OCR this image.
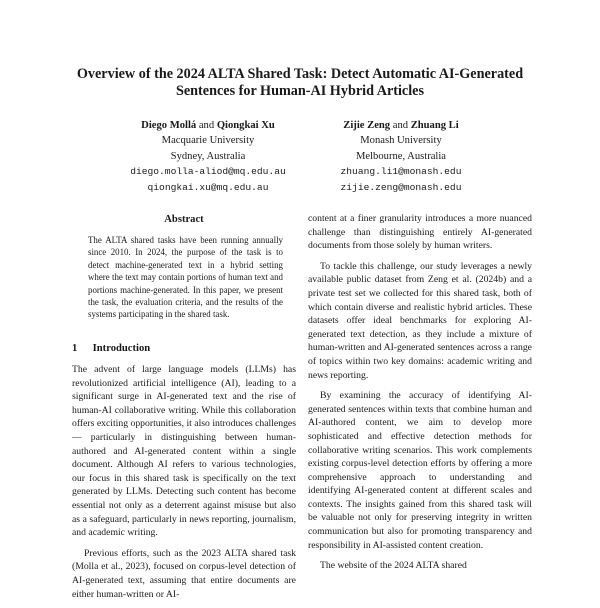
Overview of the 2024 ALTA Shared Task: Detect Automatic AI-Generated
Sentences for Human-AI Hybrid Articles
Diego Mollá and Qiongkai Xu
Macquarie University
Sydney, Australia
diego.molla-aliod@mq.edu.au
qiongkai.xu@mq.edu.au
Zijie Zeng and Zhuang Li
Monash University
Melbourne, Australia
zhuang.li1@monash.edu
zijie.zeng@monash.edu
Abstract
The ALTA shared tasks have been running annually since 2010. In 2024, the purpose of the task is to detect machine-generated text in a hybrid setting where the text may contain portions of human text and portions machine-generated. In this paper, we present the task, the evaluation criteria, and the results of the systems participating in the shared task.
1 Introduction

The advent of large language models (LLMs) has revolutionized artificial intelligence (AI), leading to a significant surge in AI-generated text and the rise of human-AI collaborative writing. While this collaboration offers exciting opportunities, it also introduces challenges — particularly in distinguishing between human-authored and AI-generated content within a single document. Although AI refers to various technologies, our focus in this shared task is specifically on the text generated by LLMs. Detecting such content has become essential not only as a deterrent against misuse but also as a safeguard, particularly in news reporting, journalism, and academic writing.

Previous efforts, such as the 2023 ALTA shared task (Molla et al., 2023), focused on corpus-level detection of AI-generated text, assuming that entire documents are either human-written or AI-

content at a finer granularity introduces a more nuanced challenge than distinguishing entirely AI-generated documents from those solely by human writers.

To tackle this challenge, our study leverages a newly available public dataset from Zeng et al. (2024b) and a private test set we collected for this shared task, both of which contain diverse and realistic hybrid articles. These datasets offer ideal benchmarks for exploring AI-generated text detection, as they include a mixture of human-written and AI-generated sentences across a range of topics within two key domains: academic writing and news reporting.

By examining the accuracy of identifying AI-generated sentences within texts that combine human and AI-authored content, we aim to develop more sophisticated and effective detection methods for collaborative writing scenarios. This work complements existing corpus-level detection efforts by offering a more comprehensive approach to understanding and identifying AI-generated content at different scales and contexts. The insights gained from this shared task will be valuable not only for preserving integrity in written communication but also for promoting transparency and responsibility in AI-assisted content creation.

The website of the 2024 ALTA shared
